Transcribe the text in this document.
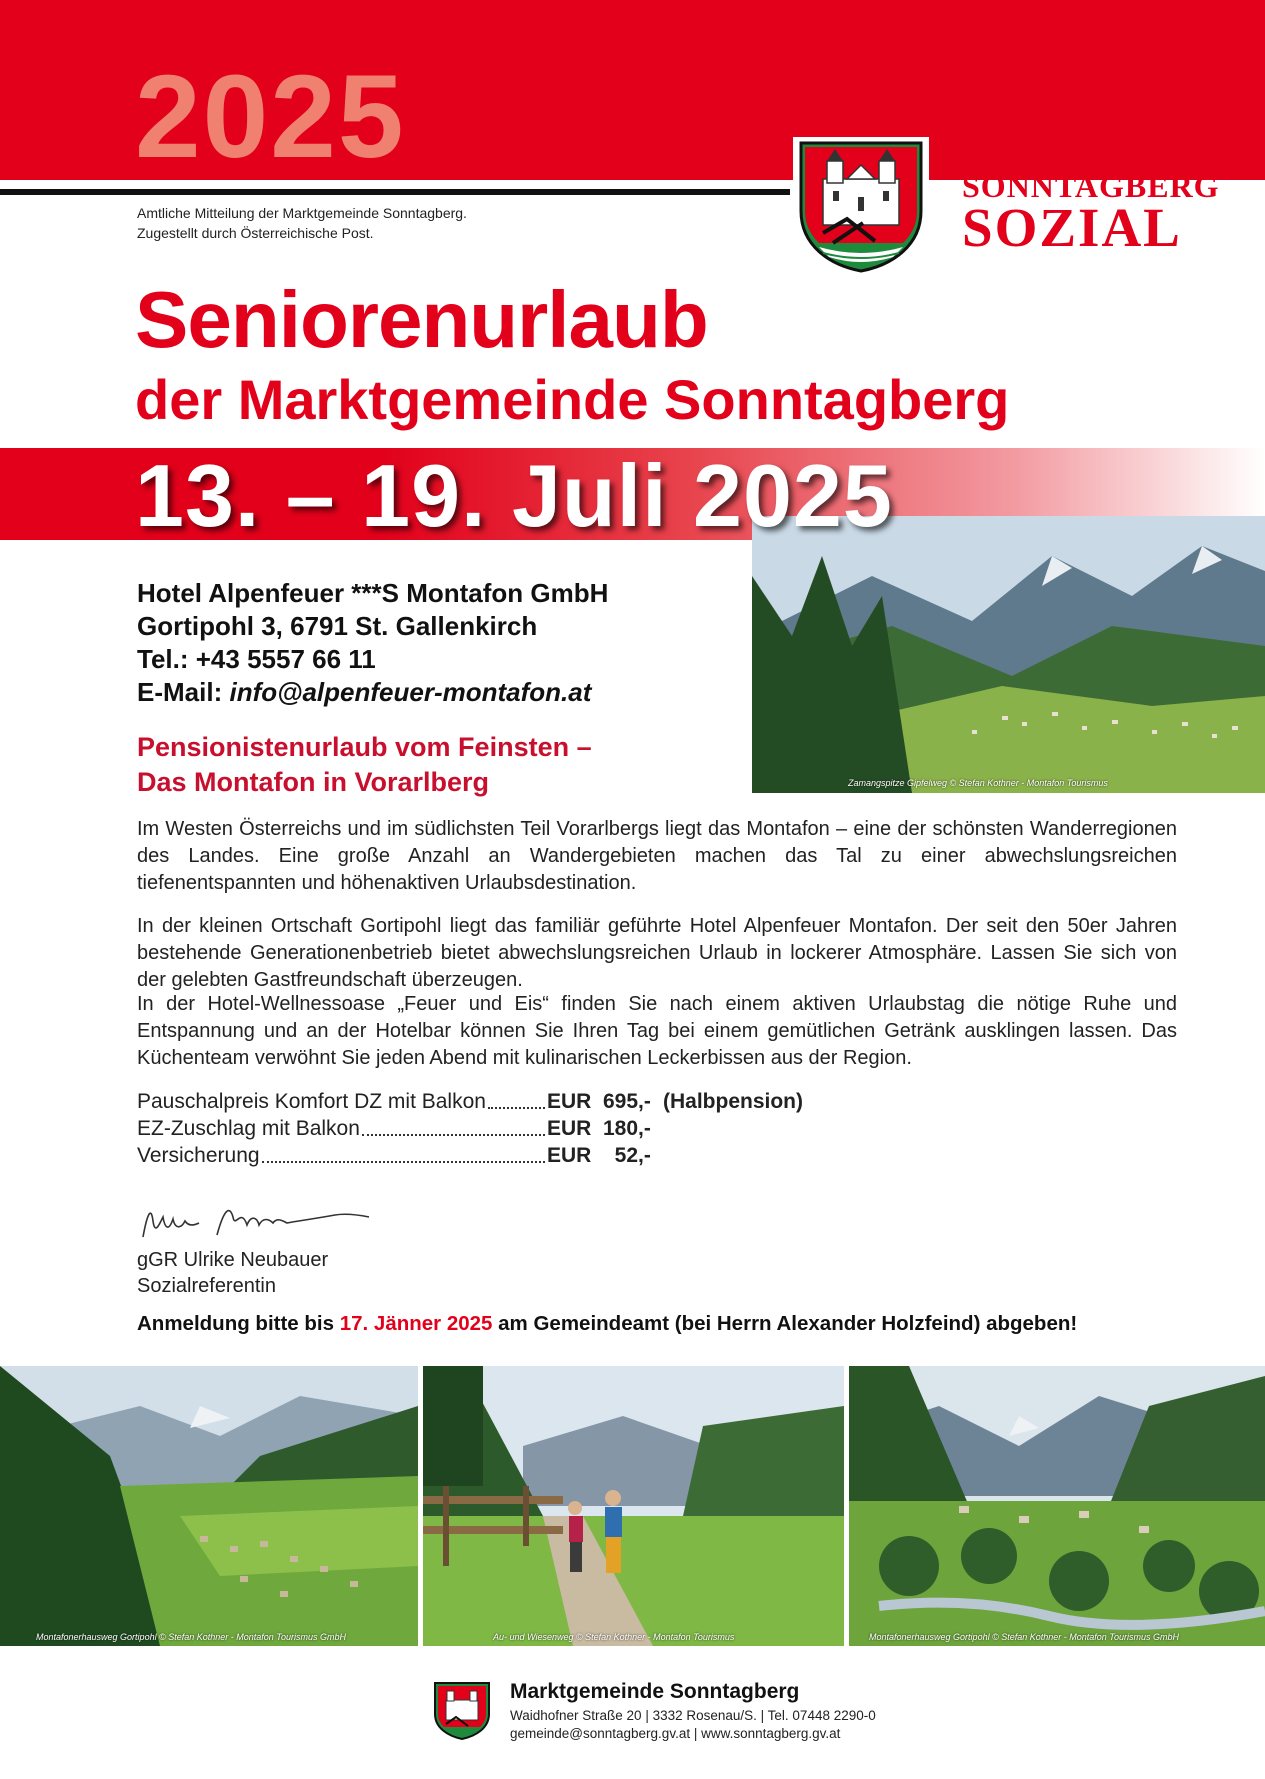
2025
Amtliche Mitteilung der Marktgemeinde Sonntagberg.
Zugestellt durch Österreichische Post.
SONNTAGBERG
SOZIAL
Seniorenurlaub
der Marktgemeinde Sonntagberg
Zamangspitze Gipfelweg © Stefan Kothner - Montafon Tourismus
13. – 19. Juli 2025
Hotel Alpenfeuer ***S Montafon GmbH
Gortipohl 3, 6791 St. Gallenkirch
Tel.: +43 5557 66 11
E-Mail: info@alpenfeuer-montafon.at
Pensionistenurlaub vom Feinsten –
Das Montafon in Vorarlberg

Im Westen Österreichs und im südlichsten Teil Vorarlbergs liegt das Montafon – eine der schönsten Wanderregionen des Landes. Eine große Anzahl an Wandergebieten machen das Tal zu einer abwechslungsreichen tiefenentspannten und höhenaktiven Urlaubsdestination.

In der kleinen Ortschaft Gortipohl liegt das familiär geführte Hotel Alpenfeuer Montafon. Der seit den 50er Jahren bestehende Generationenbetrieb bietet abwechslungsreichen Urlaub in lockerer Atmosphäre. Lassen Sie sich von der gelebten Gastfreundschaft überzeugen.

In der Hotel-Wellnessoase „Feuer und Eis“ finden Sie nach einem aktiven Urlaubstag die nötige Ruhe und Entspannung und an der Hotelbar können Sie Ihren Tag bei einem gemütlichen Getränk ausklingen lassen. Das Küchenteam verwöhnt Sie jeden Abend mit kulinarischen Leckerbissen aus der Region.

Pauschalpreis Komfort DZ mit Balkon	EUR  695,- (Halbpension)
EZ-Zuschlag mit Balkon	EUR  180,-
Versicherung	EUR    52,-
gGR Ulrike Neubauer
Sozialreferentin
Anmeldung bitte bis 17. Jänner 2025 am Gemeindeamt (bei Herrn Alexander Holzfeind) abgeben!
Montafonerhausweg Gortipohl © Stefan Kothner - Montafon Tourismus GmbH	Au- und Wiesenweg © Stefan Kothner - Montafon Tourismus	Montafonerhausweg Gortipohl © Stefan Kothner - Montafon Tourismus GmbH
Marktgemeinde Sonntagberg
Waidhofner Straße 20 | 3332 Rosenau/S. | Tel. 07448 2290-0
gemeinde@sonntagberg.gv.at | www.sonntagberg.gv.at
